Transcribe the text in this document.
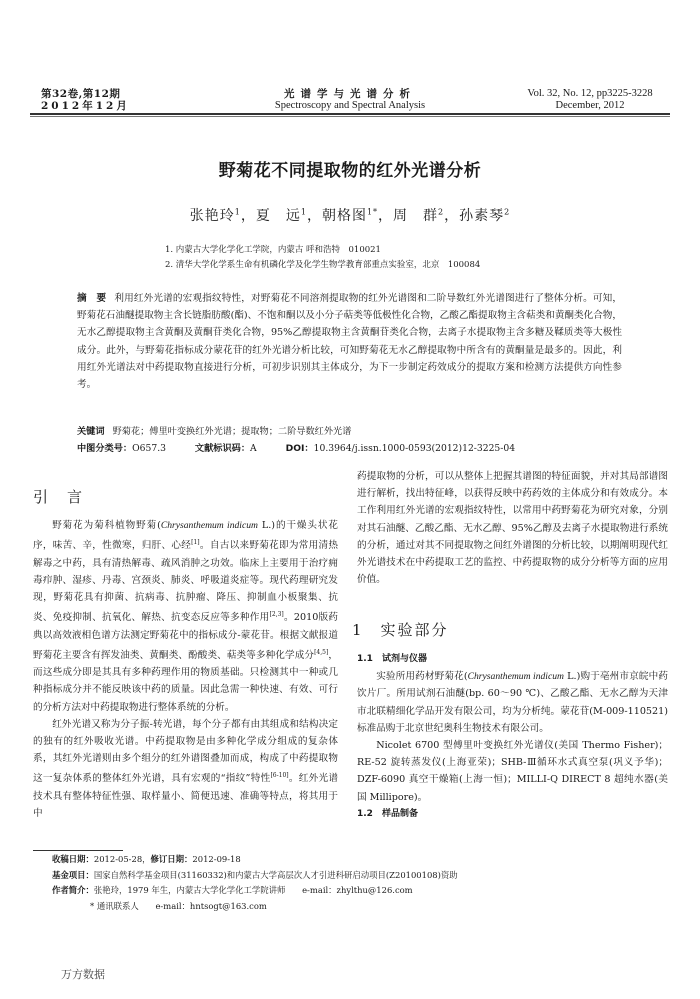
第32卷,第12期
2012年12月
光谱学与光谱分析
Spectroscopy and Spectral Analysis
Vol. 32, No. 12, pp3225-3228
December, 2012
野菊花不同提取物的红外光谱分析
张艳玲$^1$，夏　远$^1$，朝格图$^{1*}$，周　群$^2$，孙素琴$^2$
1. 内蒙古大学化学化工学院，内蒙古 呼和浩特　010021
2. 清华大学化学系生命有机磷化学及化学生物学教育部重点实验室，北京　100084
摘　要 利用红外光谱的宏观指纹特性，对野菊花不同溶剂提取物的红外光谱图和二阶导数红外光谱图进行了整体分析。可知，野菊花石油醚提取物主含长链脂肪酸(酯)、不饱和酮以及小分子萜类等低极性化合物，乙酸乙酯提取物主含萜类和黄酮类化合物，无水乙醇提取物主含黄酮及黄酮苷类化合物，95%乙醇提取物主含黄酮苷类化合物，去离子水提取物主含多糖及鞣质类等大极性成分。此外，与野菊花指标成分蒙花苷的红外光谱分析比较，可知野菊花无水乙醇提取物中所含有的黄酮量是最多的。因此，利用红外光谱法对中药提取物直接进行分析，可初步识别其主体成分，为下一步制定药效成分的提取方案和检测方法提供方向性参考。
关键词 野菊花；傅里叶变换红外光谱；提取物；二阶导数红外光谱
中图分类号：O657.3	文献标识码：A	DOI：10.3964/j.issn.1000-0593(2012)12-3225-04
引　言

野菊花为菊科植物野菊(Chrysanthemum indicum L.)的干燥头状花序，味苦、辛，性微寒，归肝、心经[1]。自古以来野菊花即为常用清热解毒之中药，具有清热解毒、疏风消肿之功效。临床上主要用于治疗痈毒疖肿、湿疹、丹毒、宫颈炎、肺炎、呼吸道炎症等。现代药理研究发现，野菊花具有抑菌、抗病毒、抗肿瘤、降压、抑制血小板聚集、抗炎、免疫抑制、抗氧化、解热、抗变态反应等多种作用[2,3]。2010版药典以高效液相色谱方法测定野菊花中的指标成分-蒙花苷。根据文献报道野菊花主要含有挥发油类、黄酮类、酚酸类、萜类等多种化学成分[4,5]，而这些成分即是其具有多种药理作用的物质基础。只检测其中一种或几种指标成分并不能反映该中药的质量。因此急需一种快速、有效、可行的分析方法对中药提取物进行整体系统的分析。

红外光谱又称为分子振-转光谱，每个分子都有由其组成和结构决定的独有的红外吸收光谱。中药提取物是由多种化学成分组成的复杂体系，其红外光谱则由多个组分的红外谱图叠加而成，构成了中药提取物这一复杂体系的整体红外光谱，具有宏观的“指纹”特性[6-10]。红外光谱技术具有整体特征性强、取样量小、简便迅速、准确等特点，将其用于中

药提取物的分析，可以从整体上把握其谱图的特征面貌，并对其局部谱图进行解析，找出特征峰，以获得反映中药药效的主体成分和有效成分。本工作利用红外光谱的宏观指纹特性，以常用中药野菊花为研究对象，分别对其石油醚、乙酸乙酯、无水乙醇、95%乙醇及去离子水提取物进行系统的分析，通过对其不同提取物之间红外谱图的分析比较，以期阐明现代红外光谱技术在中药提取工艺的监控、中药提取物的成分分析等方面的应用价值。

1　实验部分

1.1　试剂与仪器

实验所用药材野菊花(Chrysanthemum indicum L.)购于亳州市京皖中药饮片厂。所用试剂石油醚(bp. 60～90 ℃)、乙酸乙酯、无水乙醇为天津市北联精细化学品开发有限公司，均为分析纯。蒙花苷(M-009-110521)标准品购于北京世纪奥科生物技术有限公司。

Nicolet 6700 型傅里叶变换红外光谱仪(美国 Thermo Fisher)；RE-52 旋转蒸发仪(上海亚荣)；SHB-Ⅲ循环水式真空泵(巩义予华)；DZF-6090 真空干燥箱(上海一恒)；MILLI-Q DIRECT 8 超纯水器(美国 Millipore)。

1.2　样品制备

收稿日期：2012-05-28，修订日期：2012-09-18
基金项目：国家自然科学基金项目(31160332)和内蒙古大学高层次人才引进科研启动项目(Z20100108)资助
作者简介：张艳玲，1979 年生，内蒙古大学化学化工学院讲师　　e-mail：zhylthu@126.com
* 通讯联系人　　e-mail：hntsogt@163.com
万方数据
